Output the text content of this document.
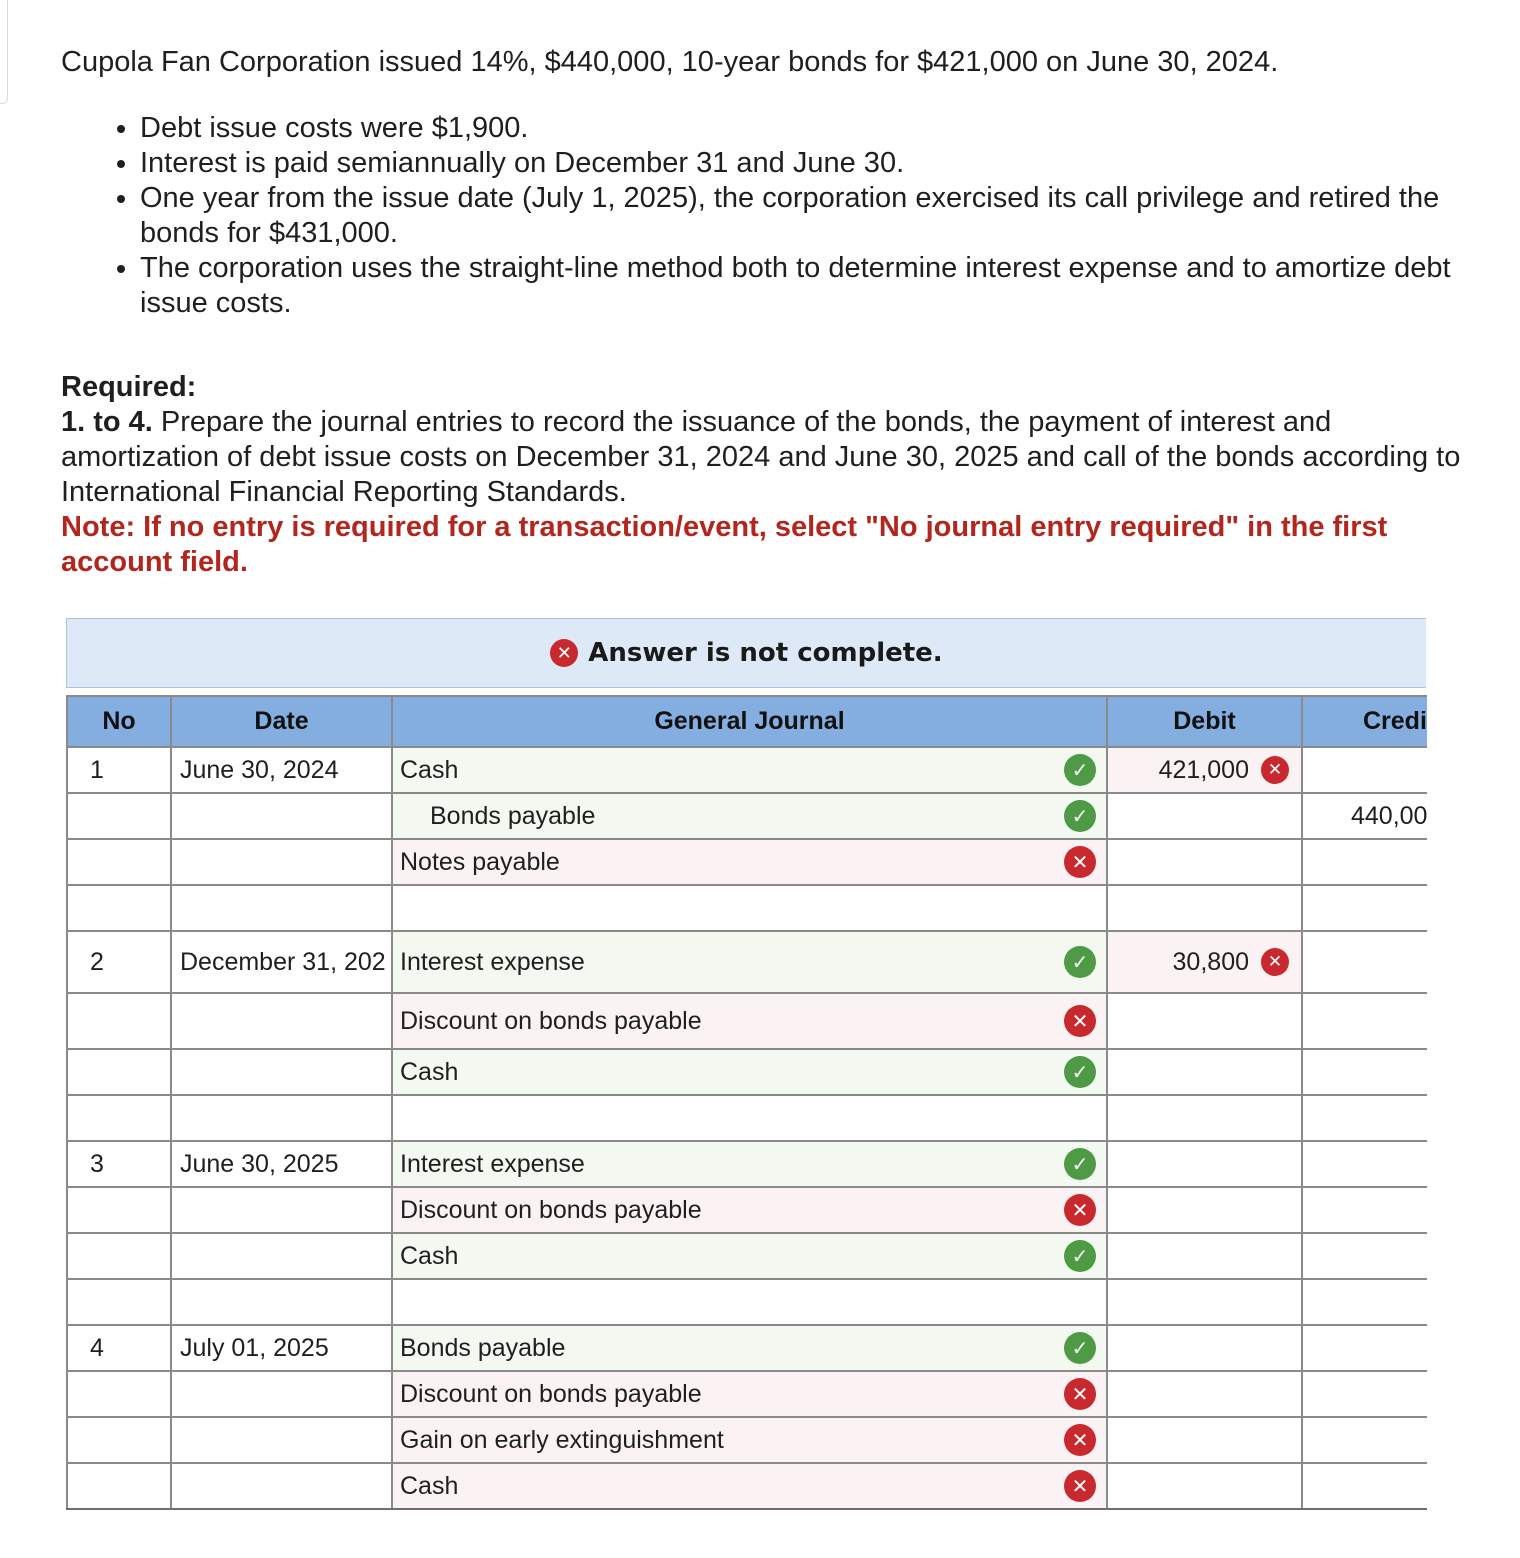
Cupola Fan Corporation issued 14%, $440,000, 10-year bonds for $421,000 on June 30, 2024.

• Debt issue costs were $1,900.
• Interest is paid semiannually on December 31 and June 30.
• One year from the issue date (July 1, 2025), the corporation exercised its call privilege and retired the bonds for $431,000.
• The corporation uses the straight-line method both to determine interest expense and to amortize debt issue costs.
Required:
1. to 4. Prepare the journal entries to record the issuance of the bonds, the payment of interest and amortization of debt issue costs on December 31, 2024 and June 30, 2025 and call of the bonds according to International Financial Reporting Standards.
Note: If no entry is required for a transaction/event, select "No journal entry required" in the first account field.
✕ Answer is not complete.
No	Date	General Journal	Debit	Credi
1	June 30, 2024	Cash ✓	421,000 ✕	

		Bonds payable ✓		440,00
		Notes payable ✕		

2	December 31, 202	Interest expense ✓	30,800 ✕	

		Discount on bonds payable ✕		

		Cash ✓		

3	June 30, 2025	Interest expense ✓		

		Discount on bonds payable ✕		

		Cash ✓		

4	July 01, 2025	Bonds payable ✓		

		Discount on bonds payable ✕		

		Gain on early extinguishment ✕		

		Cash ✕		
